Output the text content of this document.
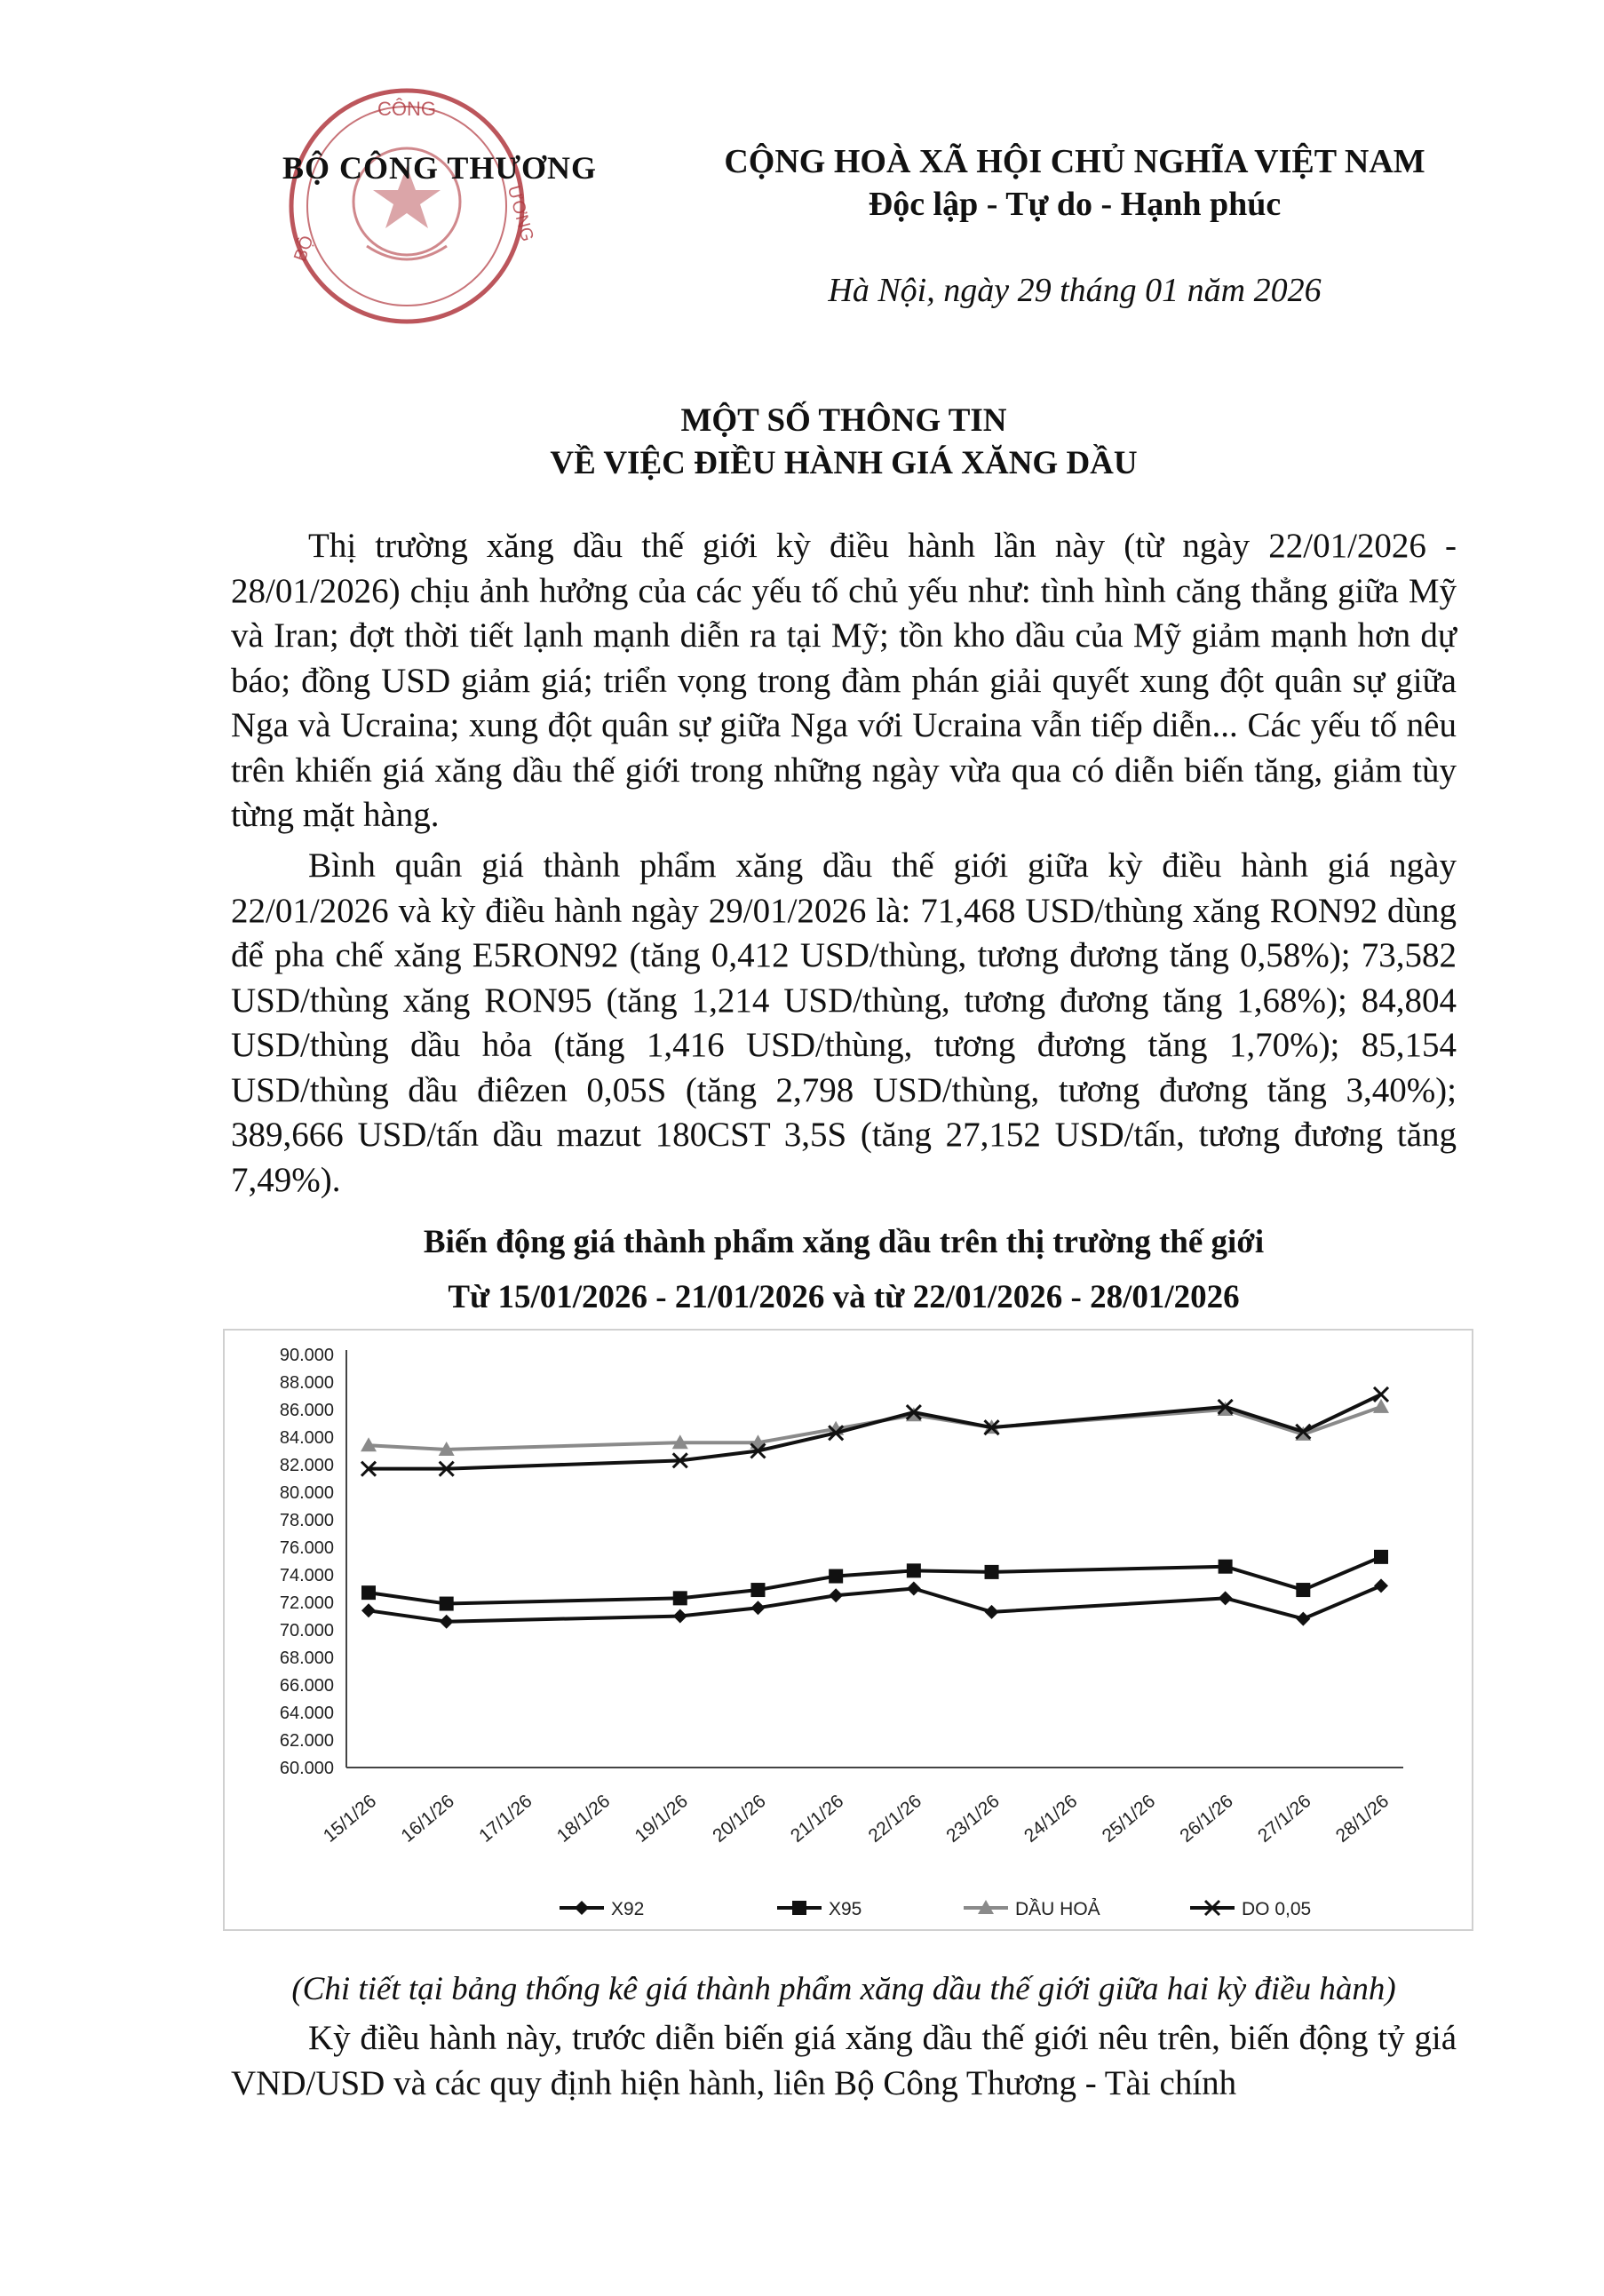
CÔNG
ƯƠNG
BỘ
BỘ CÔNG THƯƠNG	CỘNG HOÀ XÃ HỘI CHỦ NGHĨA VIỆT NAM
Độc lập - Tự do - Hạnh phúc
Hà Nội, ngày 29 tháng 01 năm 2026
MỘT SỐ THÔNG TIN
VỀ VIỆC ĐIỀU HÀNH GIÁ XĂNG DẦU
Thị trường xăng dầu thế giới kỳ điều hành lần này (từ ngày 22/01/2026 - 28/01/2026) chịu ảnh hưởng của các yếu tố chủ yếu như: tình hình căng thẳng giữa Mỹ và Iran; đợt thời tiết lạnh mạnh diễn ra tại Mỹ; tồn kho dầu của Mỹ giảm mạnh hơn dự báo; đồng USD giảm giá; triển vọng trong đàm phán giải quyết xung đột quân sự giữa Nga và Ucraina; xung đột quân sự giữa Nga với Ucraina vẫn tiếp diễn... Các yếu tố nêu trên khiến giá xăng dầu thế giới trong những ngày vừa qua có diễn biến tăng, giảm tùy từng mặt hàng.
Bình quân giá thành phẩm xăng dầu thế giới giữa kỳ điều hành giá ngày 22/01/2026 và kỳ điều hành ngày 29/01/2026 là: 71,468 USD/thùng xăng RON92 dùng để pha chế xăng E5RON92 (tăng 0,412 USD/thùng, tương đương tăng 0,58%); 73,582 USD/thùng xăng RON95 (tăng 1,214 USD/thùng, tương đương tăng 1,68%); 84,804 USD/thùng dầu hỏa (tăng 1,416 USD/thùng, tương đương tăng 1,70%); 85,154 USD/thùng dầu điêzen 0,05S (tăng 2,798 USD/thùng, tương đương tăng 3,40%); 389,666 USD/tấn dầu mazut 180CST 3,5S (tăng 27,152 USD/tấn, tương đương tăng 7,49%).
Biến động giá thành phẩm xăng dầu trên thị trường thế giới
Từ 15/01/2026 - 21/01/2026 và từ 22/01/2026 - 28/01/2026
60.000
62.000
64.000
66.000
68.000
70.000
72.000
74.000
76.000
78.000
80.000
82.000
84.000
86.000
88.000
90.000
15/1/26 16/1/26 17/1/26 18/1/26 19/1/26 20/1/26 21/1/26 22/1/26 23/1/26 24/1/26 25/1/26 26/1/26 27/1/26 28/1/26
X92	X95	DẦU HOẢ	DO 0,05
(Chi tiết tại bảng thống kê giá thành phẩm xăng dầu thế giới giữa hai kỳ điều hành)
Kỳ điều hành này, trước diễn biến giá xăng dầu thế giới nêu trên, biến động tỷ giá VND/USD và các quy định hiện hành, liên Bộ Công Thương - Tài chính
